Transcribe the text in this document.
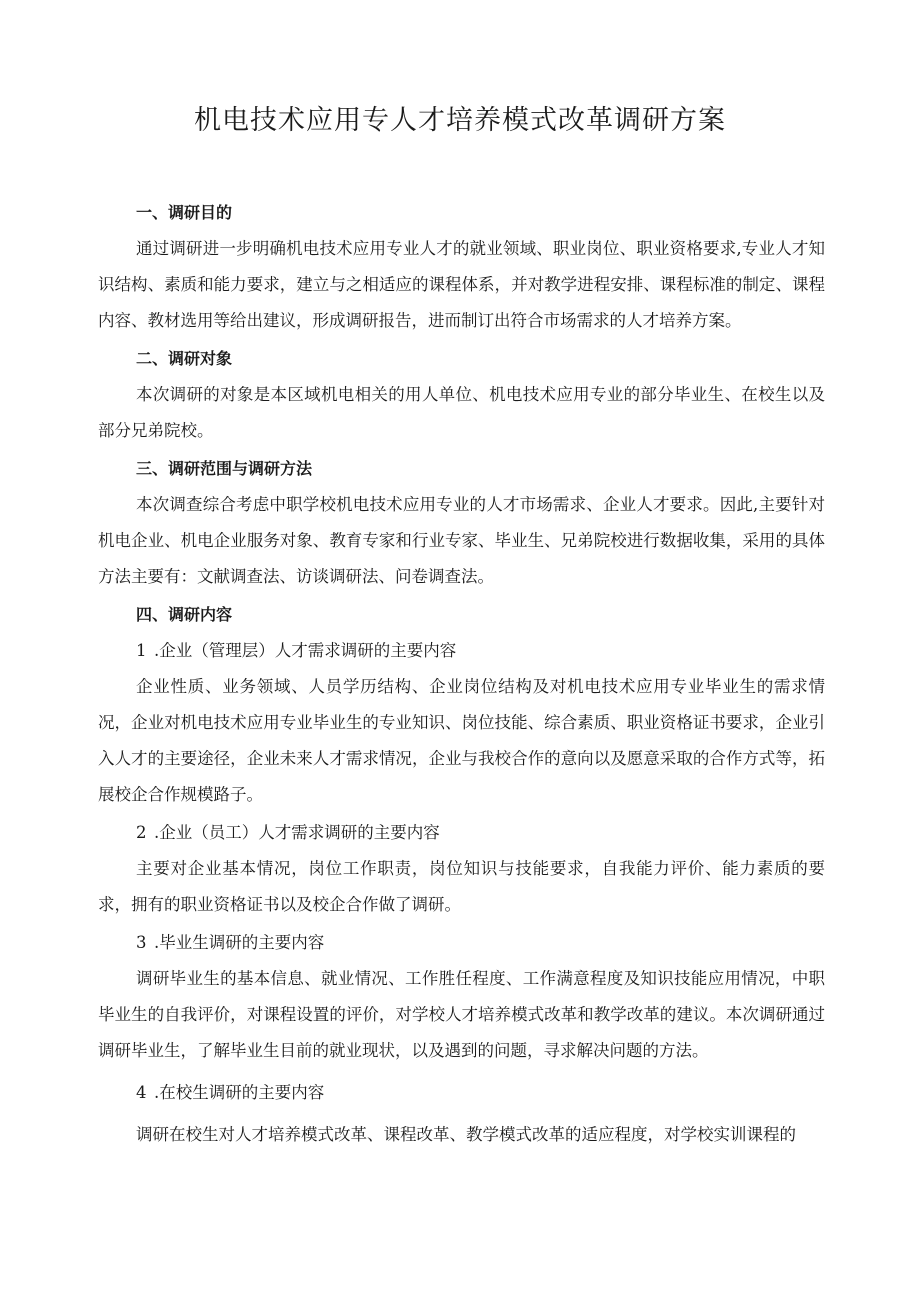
机电技术应用专人才培养模式改革调研方案

一、调研目的

通过调研进一步明确机电技术应用专业人才的就业领域、职业岗位、职业资格要求,专业人才知识结构、素质和能力要求，建立与之相适应的课程体系，并对教学进程安排、课程标准的制定、课程内容、教材选用等给出建议，形成调研报告，进而制订出符合市场需求的人才培养方案。

二、调研对象

本次调研的对象是本区域机电相关的用人单位、机电技术应用专业的部分毕业生、在校生以及部分兄弟院校。

三、调研范围与调研方法

本次调查综合考虑中职学校机电技术应用专业的人才市场需求、企业人才要求。因此,主要针对机电企业、机电企业服务对象、教育专家和行业专家、毕业生、兄弟院校进行数据收集，采用的具体方法主要有：文献调查法、访谈调研法、问卷调查法。

四、调研内容

1 .企业（管理层）人才需求调研的主要内容

企业性质、业务领域、人员学历结构、企业岗位结构及对机电技术应用专业毕业生的需求情况，企业对机电技术应用专业毕业生的专业知识、岗位技能、综合素质、职业资格证书要求，企业引入人才的主要途径，企业未来人才需求情况，企业与我校合作的意向以及愿意采取的合作方式等，拓展校企合作规模路子。

2 .企业（员工）人才需求调研的主要内容

主要对企业基本情况，岗位工作职责，岗位知识与技能要求，自我能力评价、能力素质的要求，拥有的职业资格证书以及校企合作做了调研。

3 .毕业生调研的主要内容

调研毕业生的基本信息、就业情况、工作胜任程度、工作满意程度及知识技能应用情况，中职毕业生的自我评价，对课程设置的评价，对学校人才培养模式改革和教学改革的建议。本次调研通过调研毕业生，了解毕业生目前的就业现状，以及遇到的问题，寻求解决问题的方法。

4 .在校生调研的主要内容

调研在校生对人才培养模式改革、课程改革、教学模式改革的适应程度，对学校实训课程的
